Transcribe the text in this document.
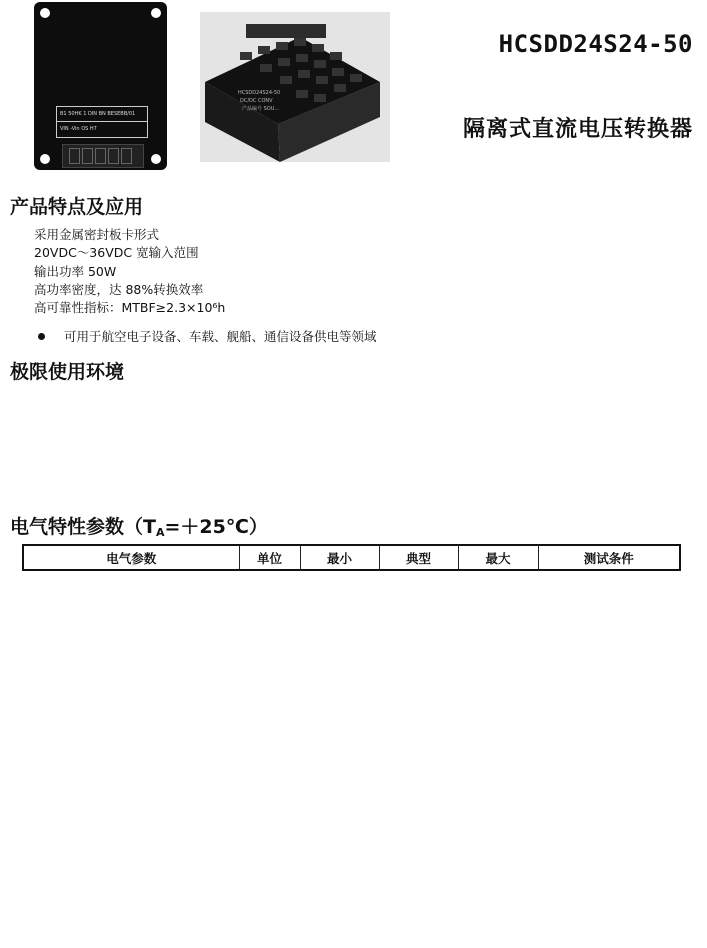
B1 50HK 1 DIN BN BESEBB/01
VIN -Vin OS H7
HCSDD24S24-50
DC/DC CONV
产品编号 SOU...
HCSDD24S24-50
隔离式直流电压转换器
产品特点及应用
采用金属密封板卡形式
20VDC～36VDC 宽输入范围
输出功率 50W
高功率密度，达 88%转换效率
高可靠性指标：MTBF≥2.3×10⁶h
可用于航空电子设备、车载、舰船、通信设备供电等领域
极限使用环境
电气特性参数$(T_A=+25℃)$
电气参数	单位	最小	典型	最大	测试条件
